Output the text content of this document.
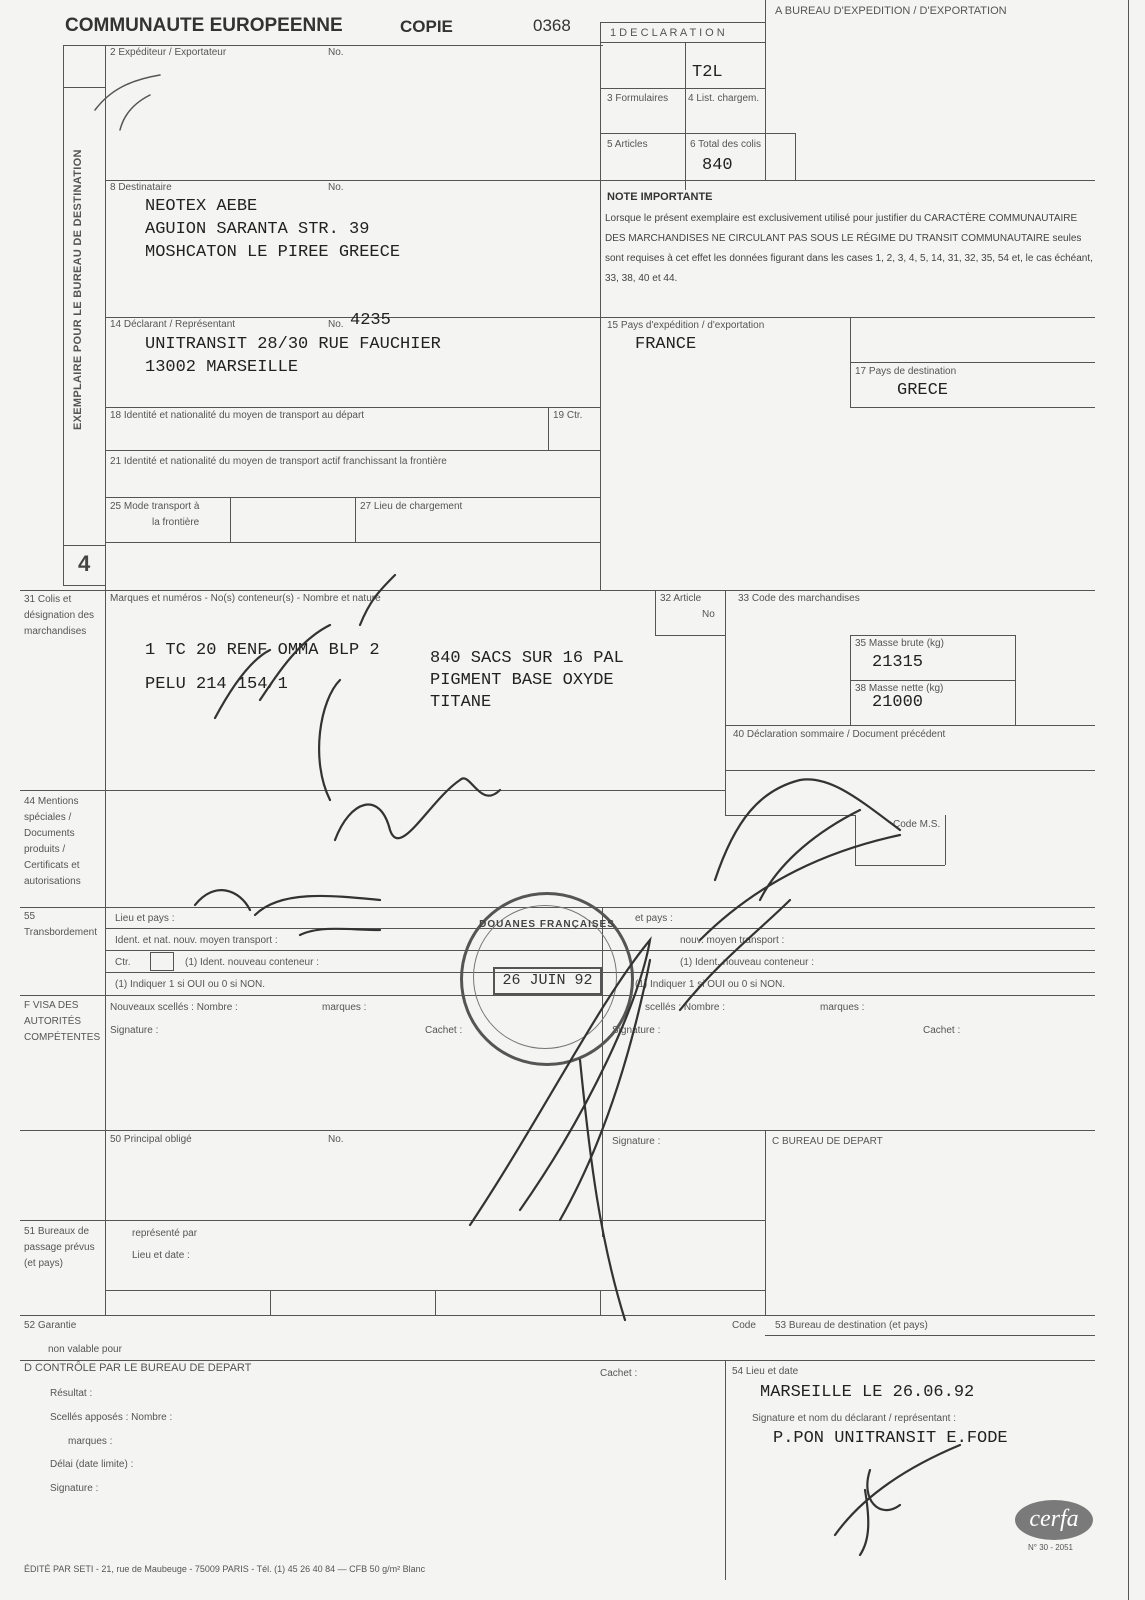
COMMUNAUTE EUROPEENNE	COPIE	0368	1 D E C L A R A T I O N
T2L
A BUREAU D'EXPEDITION / D'EXPORTATION
EXEMPLAIRE POUR LE BUREAU DE DESTINATION
4
2 Expéditeur / Exportateur	No.
3 Formulaires 4 List. chargem.
5 Articles	6 Total des colis
840
8 Destinataire	No.
NEOTEX AEBE
AGUION SARANTA STR. 39
MOSHCATON LE PIREE GREECE
NOTE IMPORTANTE
Lorsque le présent exemplaire est exclusivement utilisé pour justifier du CARACTÈRE COMMUNAUTAIRE DES MARCHANDISES NE CIRCULANT PAS SOUS LE RÉGIME DU TRANSIT COMMUNAUTAIRE seules sont requises à cet effet les données figurant dans les cases 1, 2, 3, 4, 5, 14, 31, 32, 35, 54 et, le cas échéant, 33, 38, 40 et 44.
14 Déclarant / Représentant	No. 4235
UNITRANSIT 28/30 RUE FAUCHIER
13002 MARSEILLE
15 Pays d'expédition / d'exportation
FRANCE
17 Pays de destination
GRECE
18 Identité et nationalité du moyen de transport au départ	19 Ctr.
21 Identité et nationalité du moyen de transport actif franchissant la frontière
25 Mode transport à
la frontière
27 Lieu de chargement
31 Colis et désignation des marchandises
Marques et numéros - No(s) conteneur(s) - Nombre et nature
1 TC 20 RENF OMMA BLP 2
PELU 214 154/1
840 SACS SUR 16 PAL
PIGMENT BASE OXYDE
TITANE
32 Article
No
33 Code des marchandises
35 Masse brute (kg)
21315
38 Masse nette (kg)
21000
40 Déclaration sommaire / Document précédent
44 Mentions spéciales / Documents produits / Certificats et autorisations
Code M.S.
55 Transbordement
Lieu et pays :
Ident. et nat. nouv. moyen transport :
Ctr.	(1) Ident. nouveau conteneur :
(1) Indiquer 1 si OUI ou 0 si NON.
et pays :
nouv. moyen transport :
(1) Ident. nouveau conteneur :
(1) Indiquer 1 si OUI ou 0 si NON.
F VISA DES AUTORITÉS COMPÉTENTES
Nouveaux scellés : Nombre :	marques :
Signature :	Cachet :
scellés : Nombre :	marques :
Signature :	Cachet :
50 Principal obligé	No.	Signature :	C BUREAU DE DEPART
51 Bureaux de passage prévus (et pays)
représenté par
Lieu et date :
52 Garantie
non valable pour
Code 53 Bureau de destination (et pays)
D CONTRÔLE PAR LE BUREAU DE DEPART	Cachet :
Résultat :
Scellés apposés : Nombre :
marques :
Délai (date limite) :
Signature :
54 Lieu et date
MARSEILLE LE 26.06.92
Signature et nom du déclarant / représentant :
P.PON UNITRANSIT E.FODE
ÉDITÉ PAR SETI - 21, rue de Maubeuge - 75009 PARIS - Tél. (1) 45 26 40 84 — CFB 50 g/m² Blanc
cerfa
N° 30 - 2051
DOUANES FRANÇAISES
26 JUIN 92
